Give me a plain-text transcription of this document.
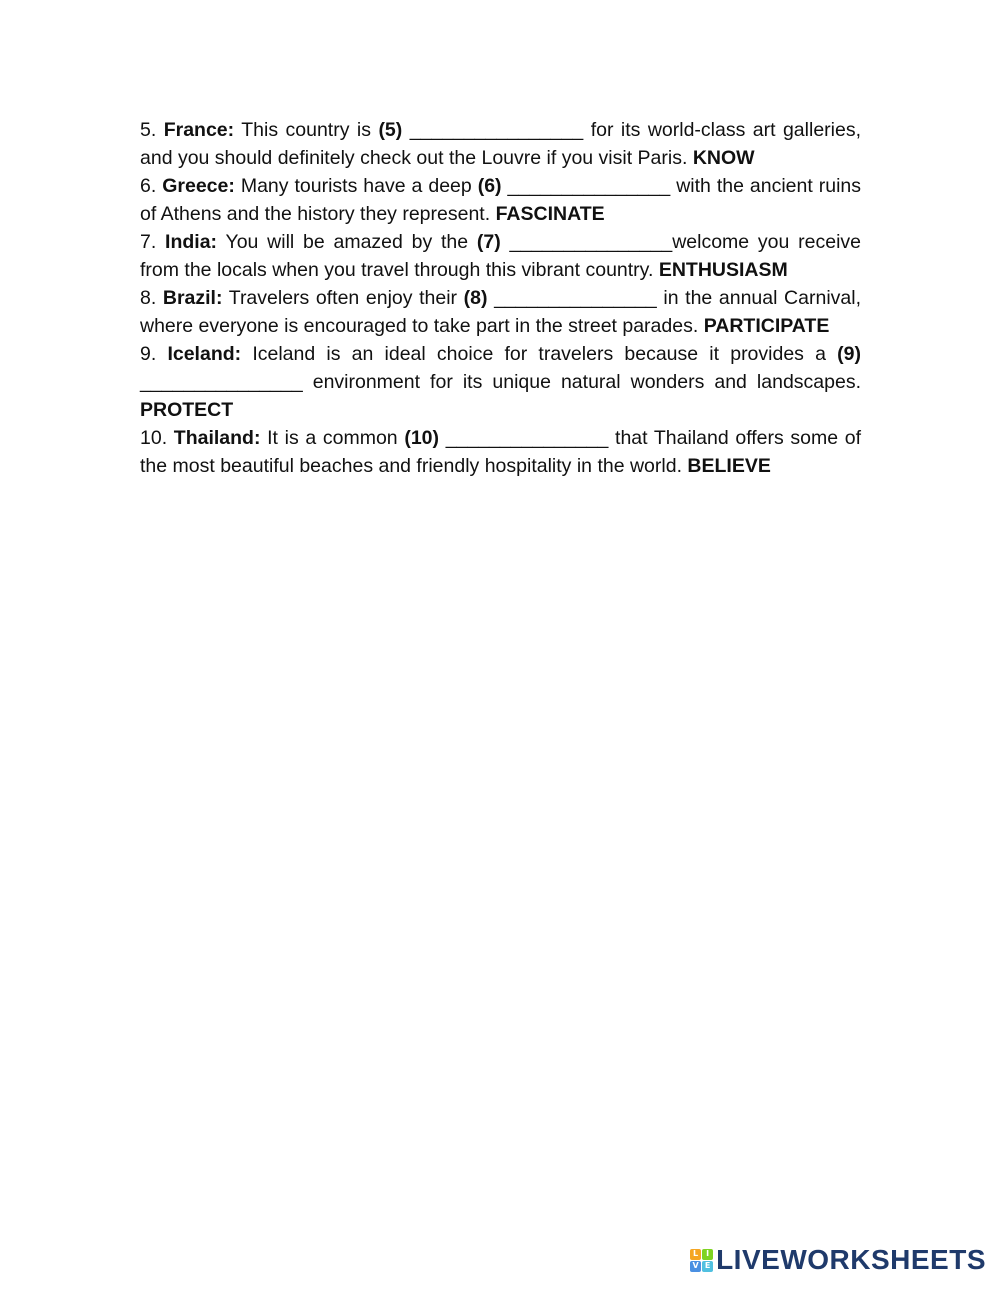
5. France: This country is (5) ________________ for its world-class art galleries, and you should definitely check out the Louvre if you visit Paris. KNOW

6. Greece: Many tourists have a deep (6) _______________ with the ancient ruins of Athens and the history they represent. FASCINATE

7. India: You will be amazed by the (7) _______________welcome you receive from the locals when you travel through this vibrant country. ENTHUSIASM

8. Brazil: Travelers often enjoy their (8) _______________ in the annual Carnival, where everyone is encouraged to take part in the street parades. PARTICIPATE

9. Iceland: Iceland is an ideal choice for travelers because it provides a (9) _______________ environment for its unique natural wonders and landscapes. PROTECT

10. Thailand: It is a common (10) _______________ that Thailand offers some of the most beautiful beaches and friendly hospitality in the world. BELIEVE

L I
V E LIVEWORKSHEETS
